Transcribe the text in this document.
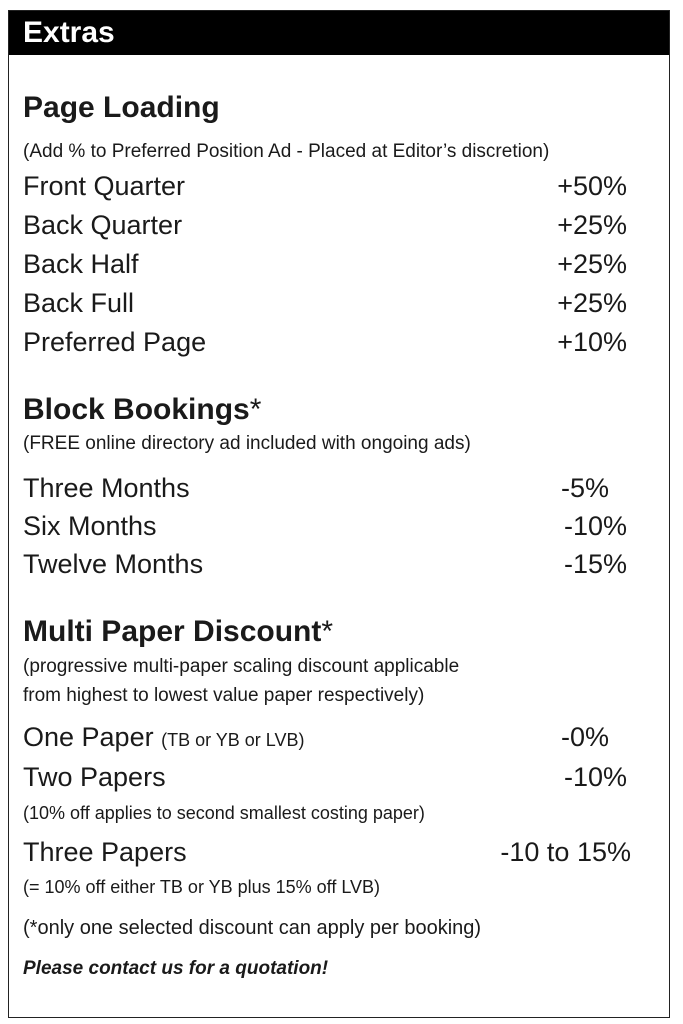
Extras
Page Loading
(Add % to Preferred Position Ad - Placed at Editor’s discretion)
Front Quarter	+50%
Back Quarter	+25%
Back Half	+25%
Back Full	+25%
Preferred Page	+10%
Block Bookings*
(FREE online directory ad included with ongoing ads)
Three Months	-5%
Six Months	-10%
Twelve Months	-15%
Multi Paper Discount*
(progressive multi-paper scaling discount applicable
from highest to lowest value paper respectively)
One Paper (TB or YB or LVB)	-0%
Two Papers	-10%
(10% off applies to second smallest costing paper)
Three Papers	-10 to 15%
(= 10% off either TB or YB plus 15% off LVB)
(*only one selected discount can apply per booking)
Please contact us for a quotation!
